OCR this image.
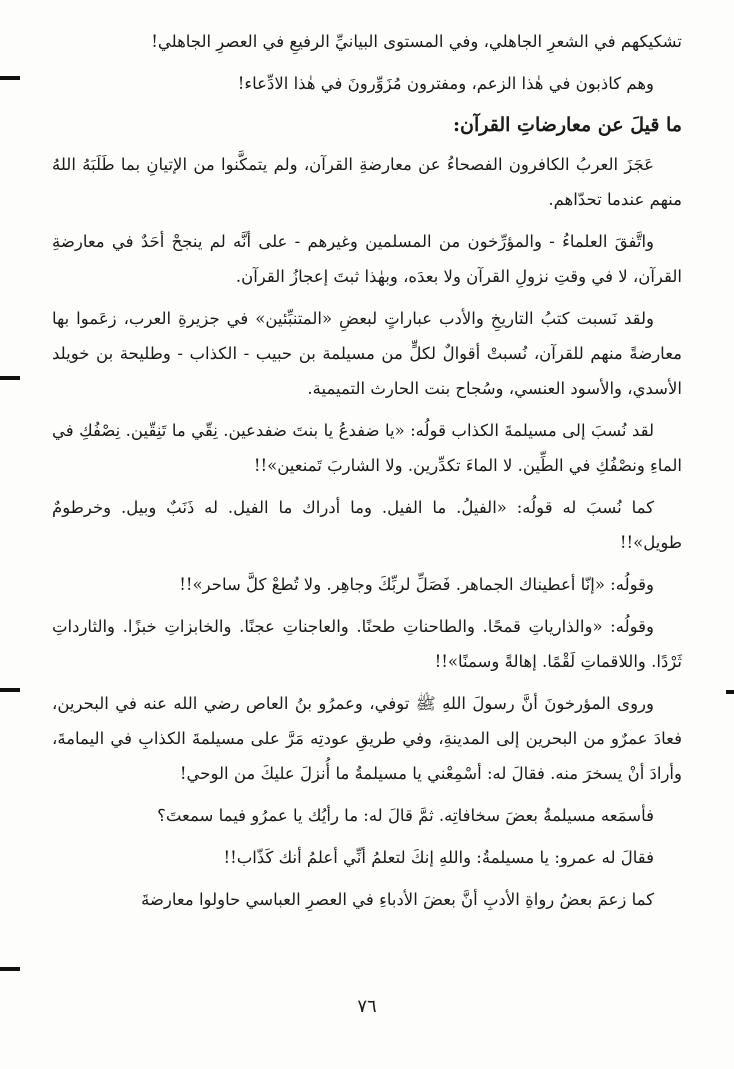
تشكيكهم في الشعرِ الجاهلي، وفي المستوى البيانيِّ الرفيعِ في العصرِ الجاهلي!

وهم كاذبون في هٰذا الزعم، ومفترون مُزَوِّرونَ في هٰذا الادِّعاء!

ما قيلَ عن معارضاتِ القرآن:

عَجَزَ العربُ الكافرون الفصحاءُ عن معارضةِ القرآن، ولم يتمكَّنوا من الإتيانِ بما طَلَبَهُ اللهُ منهم عندما تحدّاهم.

واتَّفقَ العلماءُ - والمؤرِّخون من المسلمين وغيرهم - على أنَّه لم ينجحْ أحَدٌ في معارضةِ القرآن، لا في وقتِ نزولِ القرآن ولا بعدَه، وبهٰذا ثبتَ إعجازُ القرآن.

ولقد نَسبت كتبُ التاريخِ والأدب عباراتٍ لبعضِ «المتنبِّئين» في جزيرةِ العرب، زعَموا بها معارضةً منهم للقرآن، نُسبتْ أقوالٌ لكلٍّ من مسيلمة بن حبيب - الكذاب - وطليحة بن خويلد الأسدي، والأسود العنسي، وسُجاح بنت الحارث التميمية.

لقد نُسبَ إلى مسيلمةَ الكذاب قولُه: «يا ضفدعُ يا بنتَ ضفدعين. نِقّي ما تَنِقّين. نِصْفُكِ في الماءِ ونصْفُكِ في الطِّين. لا الماءَ تكدِّرين. ولا الشاربَ تَمنعين»!!

كما نُسبَ له قولُه: «الفيلُ. ما الفيل. وما أدراك ما الفيل. له ذَنَبٌ وبيل. وخرطومٌ طويل»!!

وقولُه: «إنّا أعطيناك الجماهر. فَصَلِّ لربِّكَ وجاهِر. ولا تُطعْ كلَّ ساحر»!!

وقولُه: «والذارياتِ قمحًا. والطاحناتِ طحنًا. والعاجناتِ عجنًا. والخابزاتِ خبزًا. والثارداتِ ثَرْدًا. واللاقماتِ لَقْمًا. إهالةً وسمنًا»!!

وروى المؤرخونَ أنَّ رسولَ اللهِ ﷺ توفي، وعمرُو بنُ العاص رضي الله عنه في البحرين، فعادَ عمرٌو من البحرين إلى المدينةِ، وفي طريقِ عودتِه مَرَّ على مسيلمةَ الكذابِ في اليمامةَ، وأرادَ أنْ يسخرَ منه. فقالَ له: أسْمِعْني يا مسيلمةُ ما أُنزلَ عليكَ من الوحي!

فأسمَعه مسيلمةُ بعضَ سخافاتِه. ثمَّ قالَ له: ما رأيُك يا عمرُو فيما سمعتَ؟

فقالَ له عمرو: يا مسيلمةُ: واللهِ إنكَ لتعلمُ أنِّي أعلمُ أنك كَذّاب!!

كما زعمَ بعضُ رواةِ الأدبِ أنَّ بعضَ الأدباءِ في العصرِ العباسي حاولوا معارضةَ

٧٦
